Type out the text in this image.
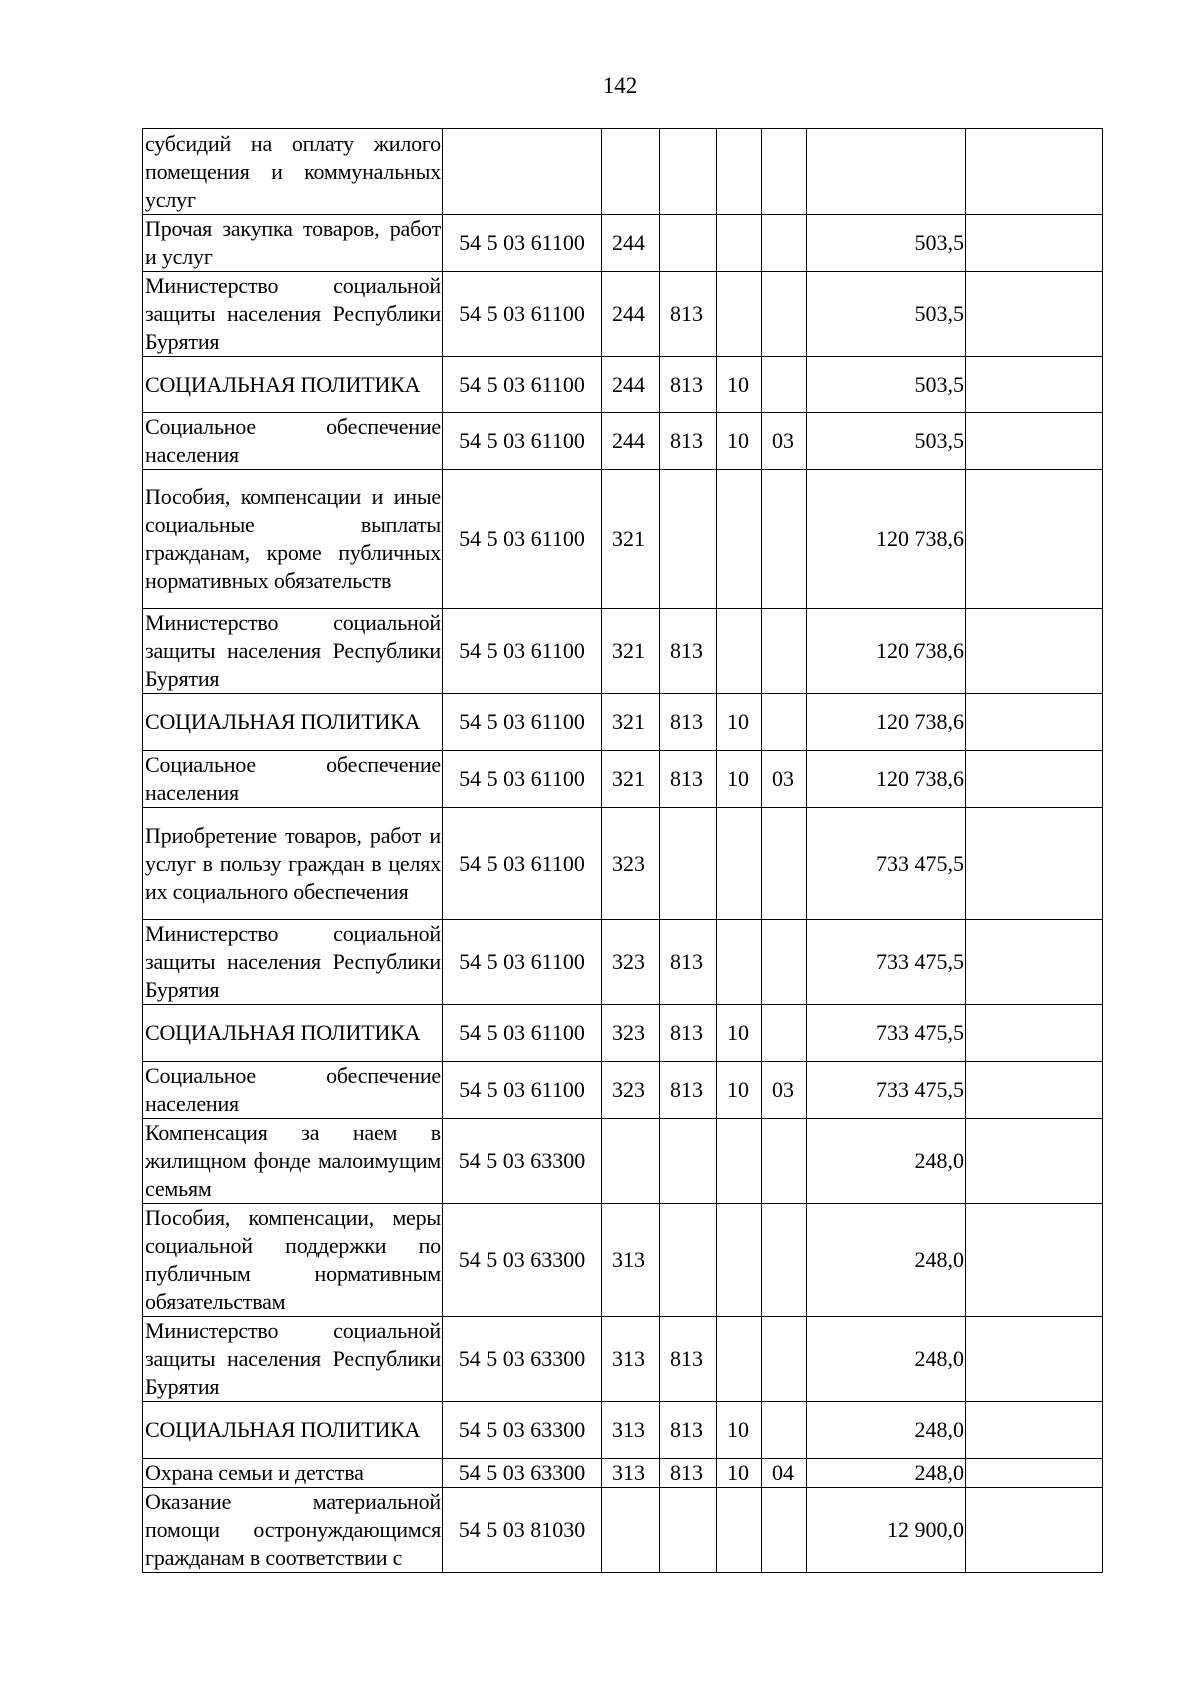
142
субсидий на оплату жилого помещения и коммунальных услуг							
Прочая закупка товаров, работ и услуг	54 5 03 61100	244				503,5	
Министерство социальной защиты населения Республики Бурятия	54 5 03 61100	244	813			503,5	
СОЦИАЛЬНАЯ ПОЛИТИКА	54 5 03 61100	244	813	10		503,5	
Социальное обеспечение населения	54 5 03 61100	244	813	10	03	503,5	
Пособия, компенсации и иные социальные выплаты гражданам, кроме публичных нормативных обязательств	54 5 03 61100	321				120 738,6	
Министерство социальной защиты населения Республики Бурятия	54 5 03 61100	321	813			120 738,6	
СОЦИАЛЬНАЯ ПОЛИТИКА	54 5 03 61100	321	813	10		120 738,6	
Социальное обеспечение населения	54 5 03 61100	321	813	10	03	120 738,6	
Приобретение товаров, работ и услуг в пользу граждан в целях их социального обеспечения	54 5 03 61100	323				733 475,5	
Министерство социальной защиты населения Республики Бурятия	54 5 03 61100	323	813			733 475,5	
СОЦИАЛЬНАЯ ПОЛИТИКА	54 5 03 61100	323	813	10		733 475,5	
Социальное обеспечение населения	54 5 03 61100	323	813	10	03	733 475,5	
Компенсация за наем в жилищном фонде малоимущим семьям	54 5 03 63300					248,0	
Пособия, компенсации, меры социальной поддержки по публичным нормативным обязательствам	54 5 03 63300	313				248,0	
Министерство социальной защиты населения Республики Бурятия	54 5 03 63300	313	813			248,0	
СОЦИАЛЬНАЯ ПОЛИТИКА	54 5 03 63300	313	813	10		248,0	
Охрана семьи и детства	54 5 03 63300	313	813	10	04	248,0	
Оказание материальной помощи остронуждающимся гражданам в соответствии с	54 5 03 81030					12 900,0	
